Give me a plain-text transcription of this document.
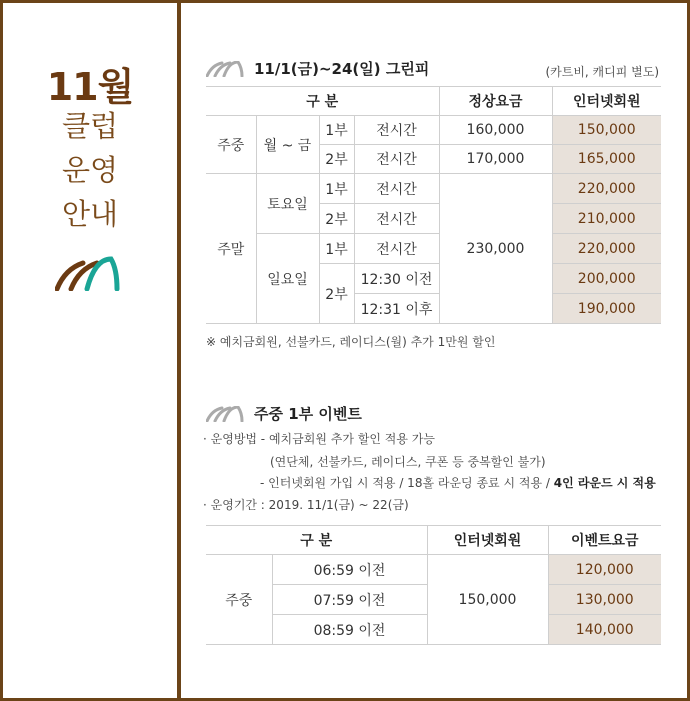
11월
클럽
운영
안내
11/1(금)~24(일) 그린피	(카트비, 캐디피 별도)
구 분				정상요금	인터넷회원
주중	월 ~ 금	1부	전시간	160,000	150,000
		2부	전시간	170,000	165,000
주말	토요일	1부	전시간	230,000	220,000
		2부	전시간		210,000
	일요일	1부	전시간		220,000
		2부	12:30 이전		200,000
			12:31 이후		190,000
※ 예치금회원, 선불카드, 레이디스(월) 추가 1만원 할인
주중 1부 이벤트
· 운영방법 - 예치금회원 추가 할인 적용 가능
(연단체, 선불카드, 레이디스, 쿠폰 등 중복할인 불가)
- 인터넷회원 가입 시 적용 / 18홀 라운딩 종료 시 적용 / 4인 라운드 시 적용
· 운영기간 : 2019. 11/1(금) ~ 22(금)
구 분		인터넷회원	이벤트요금
주중	06:59 이전	150,000	120,000
	07:59 이전		130,000
	08:59 이전		140,000
